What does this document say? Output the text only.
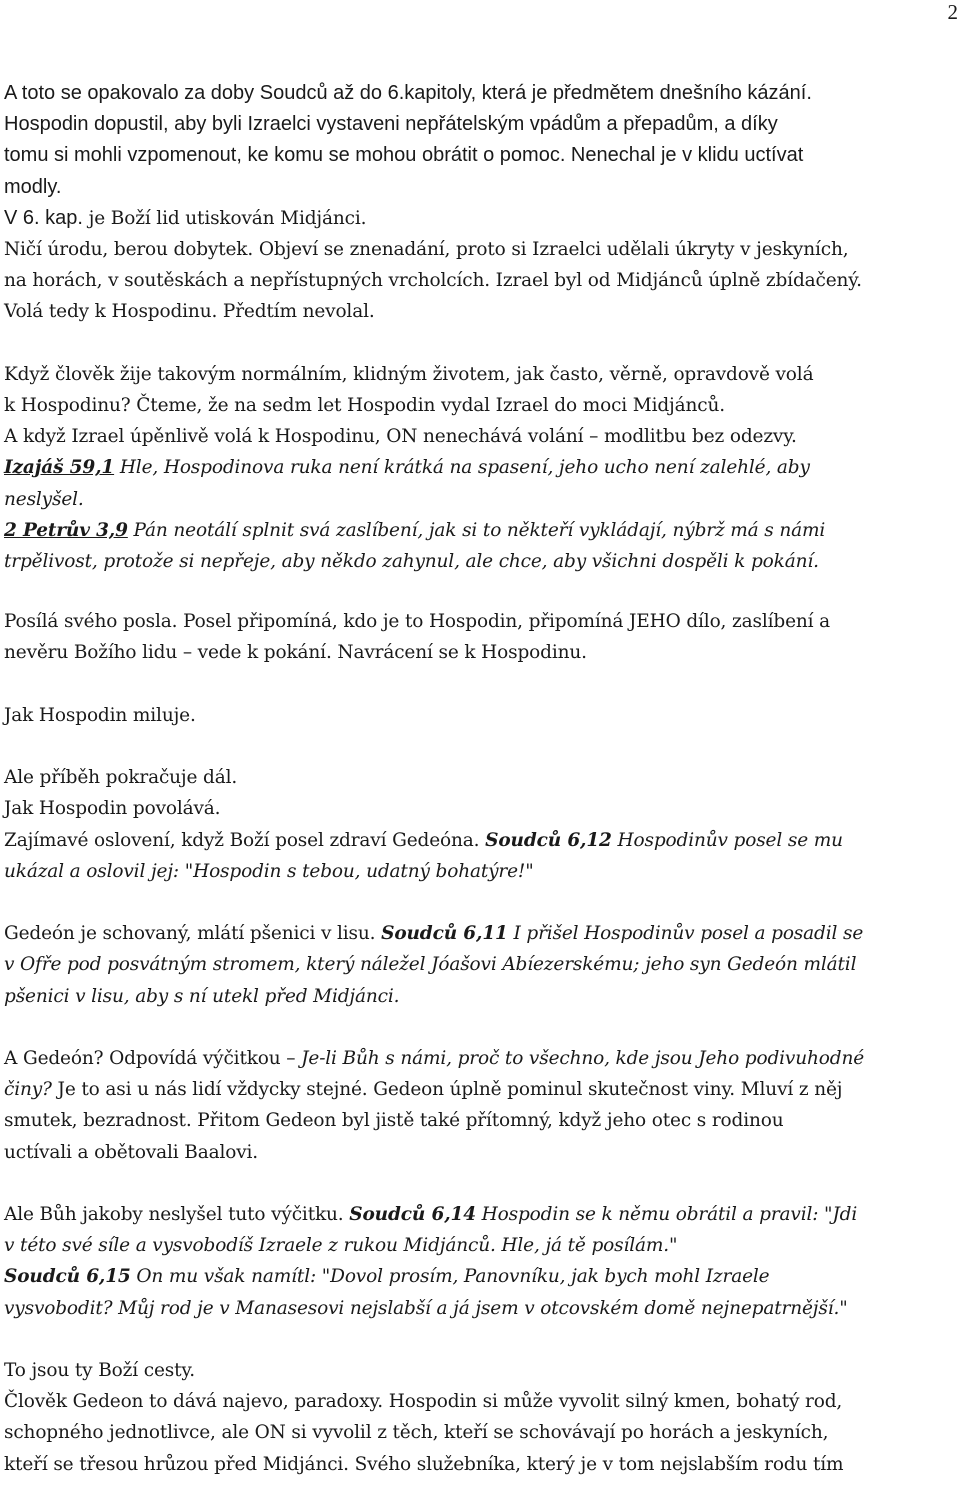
2
A toto se opakovalo za doby Soudců až do 6.kapitoly, která je předmětem dnešního kázání.
Hospodin dopustil, aby byli Izraelci vystaveni nepřátelským vpádům a přepadům, a díky
tomu si mohli vzpomenout, ke komu se mohou obrátit o pomoc. Nenechal je v klidu uctívat
modly.
V 6. kap. je Boží lid utiskován Midjánci.
Ničí úrodu, berou dobytek. Objeví se znenadání, proto si Izraelci udělali úkryty v jeskyních,
na horách, v soutěskách a nepřístupných vrcholcích. Izrael byl od Midjánců úplně zbídačený.
Volá tedy k Hospodinu. Předtím nevolal.
Když člověk žije takovým normálním, klidným životem, jak často, věrně, opravdově volá
k Hospodinu? Čteme, že na sedm let Hospodin vydal Izrael do moci Midjánců.
A když Izrael úpěnlivě volá k Hospodinu, ON nenechává volání – modlitbu bez odezvy.
Izajáš 59,1 Hle, Hospodinova ruka není krátká na spasení, jeho ucho není zalehlé, aby
neslyšel.
2 Petrův 3,9 Pán neotálí splnit svá zaslíbení, jak si to někteří vykládají, nýbrž má s námi
trpělivost, protože si nepřeje, aby někdo zahynul, ale chce, aby všichni dospěli k pokání.
Posílá svého posla. Posel připomíná, kdo je to Hospodin, připomíná JEHO dílo, zaslíbení a
nevěru Božího lidu – vede k pokání. Navrácení se k Hospodinu.
Jak Hospodin miluje.
Ale příběh pokračuje dál.
Jak Hospodin povolává.
Zajímavé oslovení, když Boží posel zdraví Gedeóna. Soudců 6,12 Hospodinův posel se mu
ukázal a oslovil jej: "Hospodin s tebou, udatný bohatýre!"
Gedeón je schovaný, mlátí pšenici v lisu. Soudců 6,11 I přišel Hospodinův posel a posadil se
v Ofře pod posvátným stromem, který náležel Jóašovi Abíezerskému; jeho syn Gedeón mlátil
pšenici v lisu, aby s ní utekl před Midjánci.
A Gedeón? Odpovídá výčitkou – Je-li Bůh s námi, proč to všechno, kde jsou Jeho podivuhodné
činy? Je to asi u nás lidí vždycky stejné. Gedeon úplně pominul skutečnost viny. Mluví z něj
smutek, bezradnost. Přitom Gedeon byl jistě také přítomný, když jeho otec s rodinou
uctívali a obětovali Baalovi.
Ale Bůh jakoby neslyšel tuto výčitku. Soudců 6,14 Hospodin se k němu obrátil a pravil: "Jdi
v této své síle a vysvobodíš Izraele z rukou Midjánců. Hle, já tě posílám."
Soudců 6,15 On mu však namítl: "Dovol prosím, Panovníku, jak bych mohl Izraele
vysvobodit? Můj rod je v Manasesovi nejslabší a já jsem v otcovském domě nejnepatrnější."
To jsou ty Boží cesty.
Člověk Gedeon to dává najevo, paradoxy. Hospodin si může vyvolit silný kmen, bohatý rod,
schopného jednotlivce, ale ON si vyvolil z těch, kteří se schovávají po horách a jeskyních,
kteří se třesou hrůzou před Midjánci. Svého služebníka, který je v tom nejslabším rodu tím
